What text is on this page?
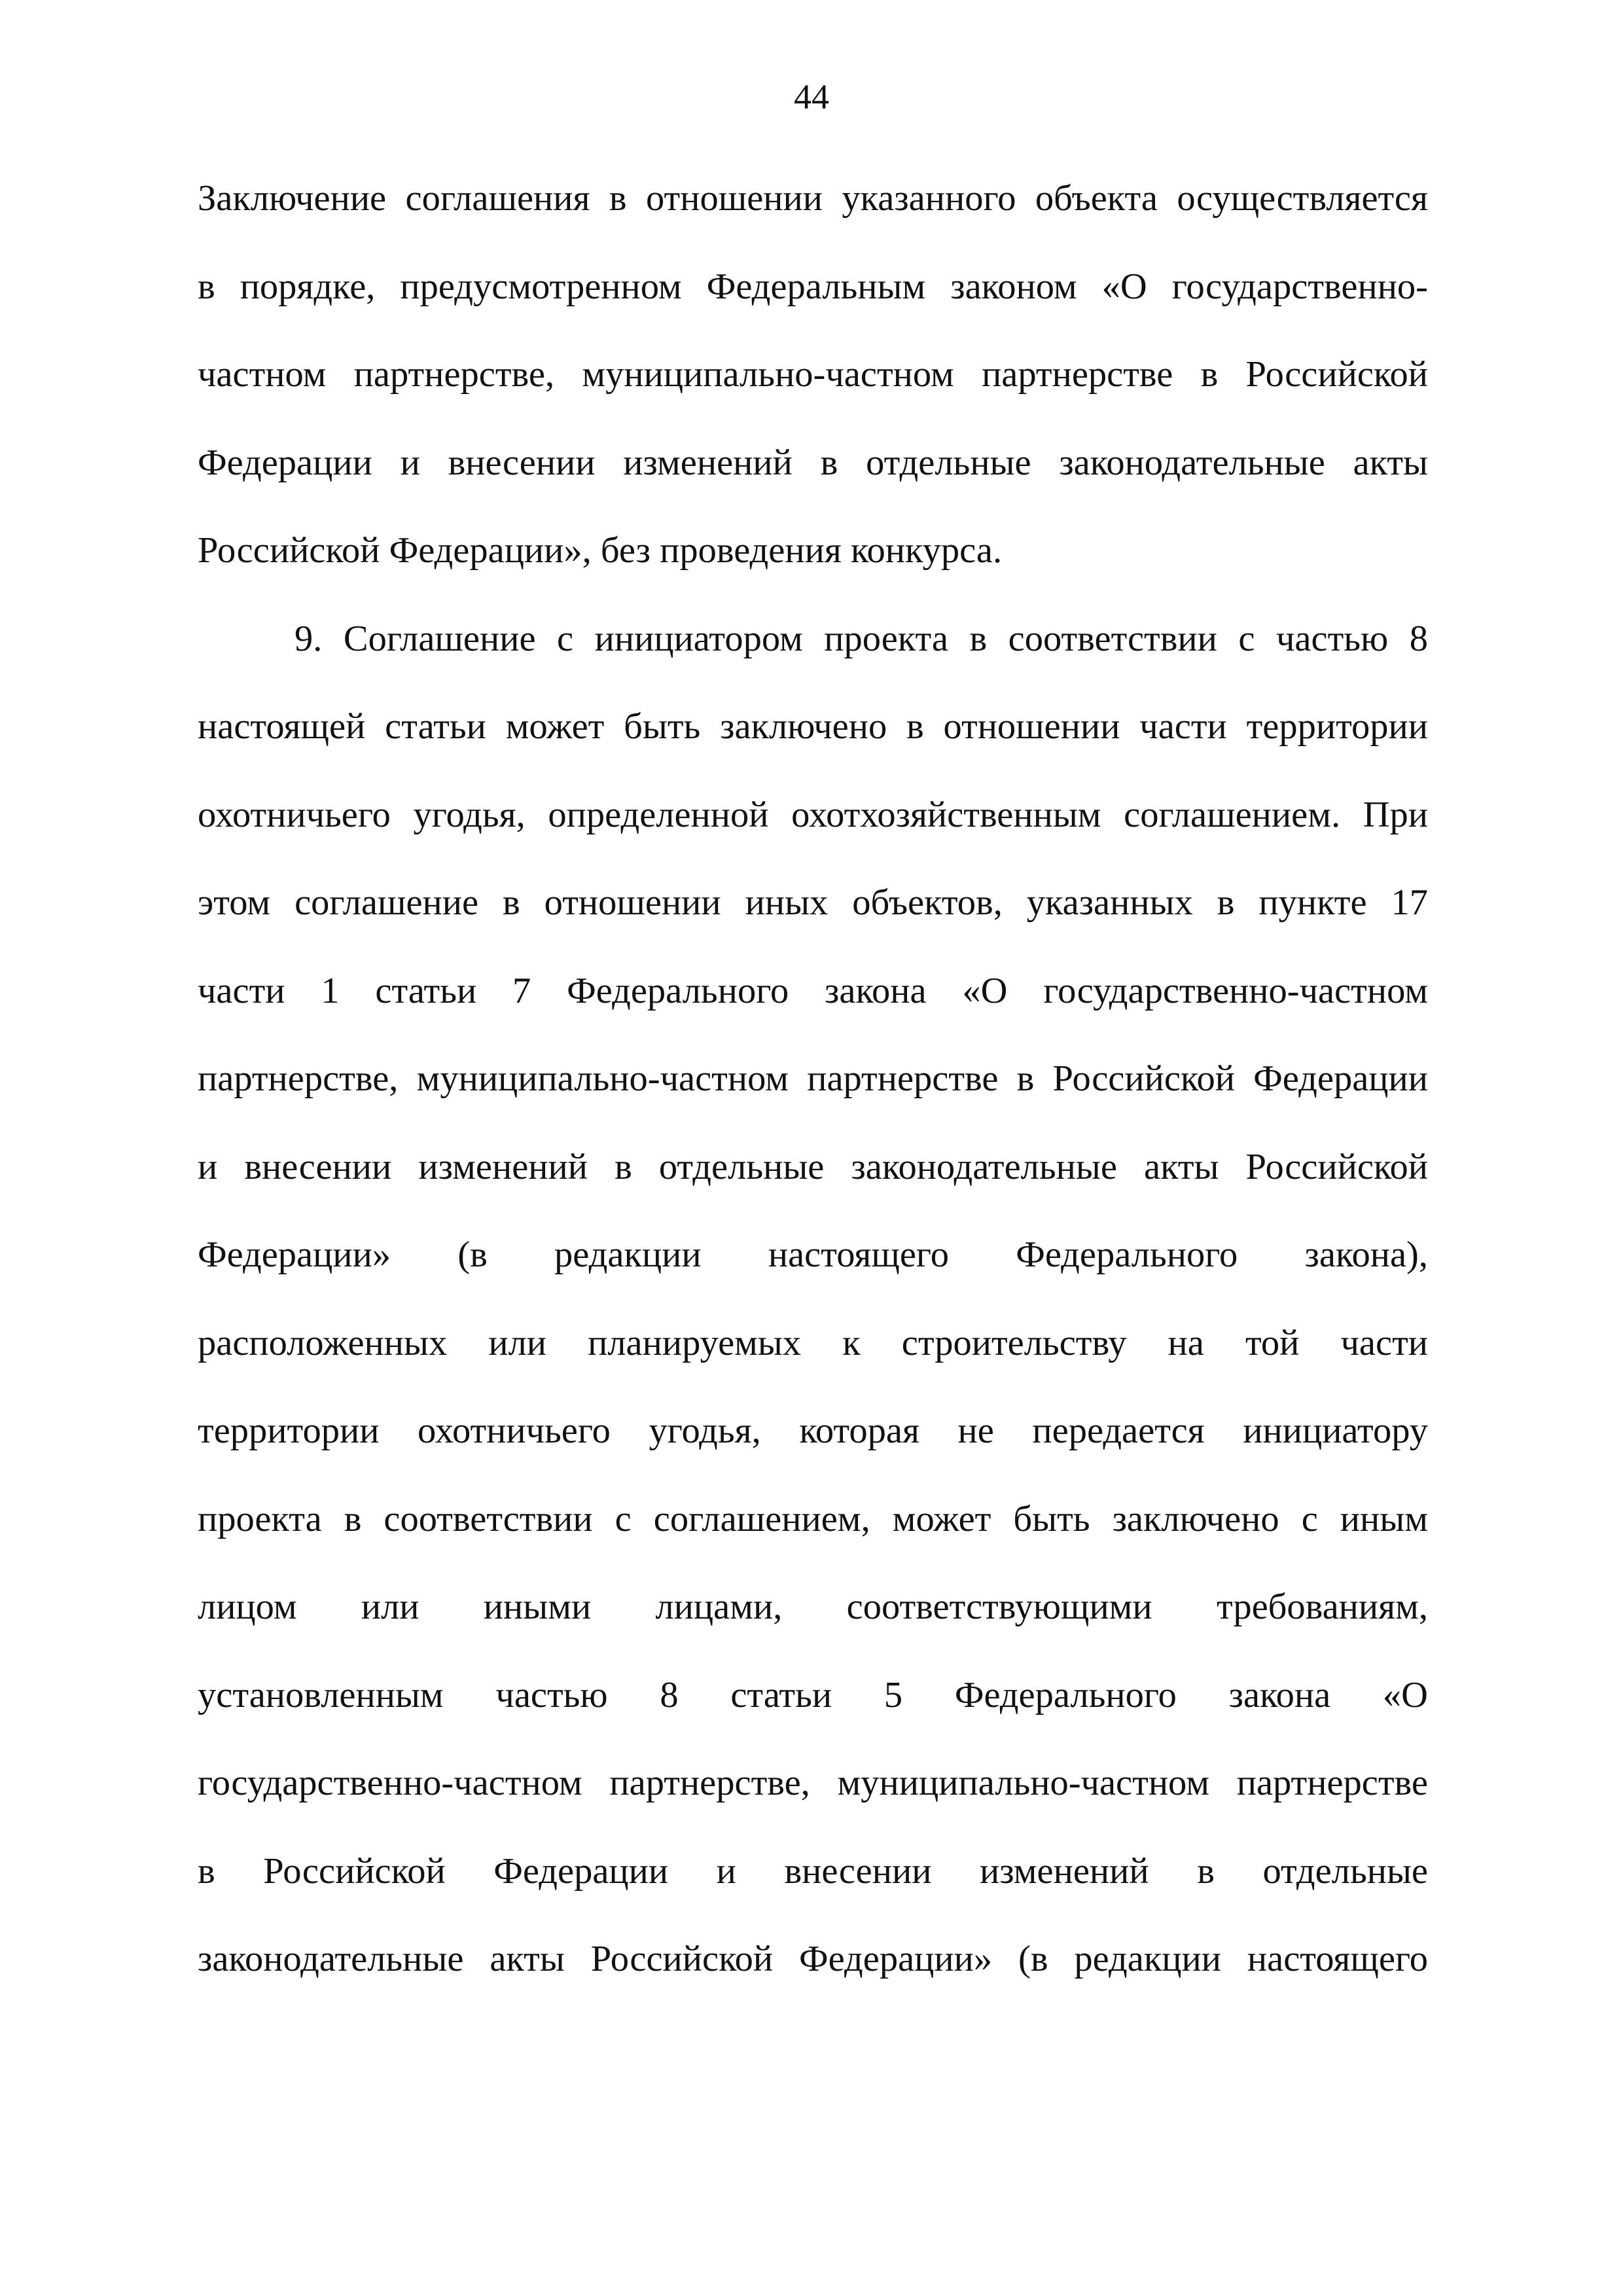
44
Заключение соглашения в отношении указанного объекта осуществляется
в порядке, предусмотренном Федеральным законом «О государственно-
частном партнерстве, муниципально-частном партнерстве в Российской
Федерации и внесении изменений в отдельные законодательные акты
Российской Федерации», без проведения конкурса.
9. Соглашение с инициатором проекта в соответствии с частью 8
настоящей статьи может быть заключено в отношении части территории
охотничьего угодья, определенной охотхозяйственным соглашением. При
этом соглашение в отношении иных объектов, указанных в пункте 17
части 1 статьи 7 Федерального закона «О государственно-частном
партнерстве, муниципально-частном партнерстве в Российской Федерации
и внесении изменений в отдельные законодательные акты Российской
Федерации» (в редакции настоящего Федерального закона),
расположенных или планируемых к строительству на той части
территории охотничьего угодья, которая не передается инициатору
проекта в соответствии с соглашением, может быть заключено с иным
лицом или иными лицами, соответствующими требованиям,
установленным частью 8 статьи 5 Федерального закона «О
государственно-частном партнерстве, муниципально-частном партнерстве
в Российской Федерации и внесении изменений в отдельные
законодательные акты Российской Федерации» (в редакции настоящего
